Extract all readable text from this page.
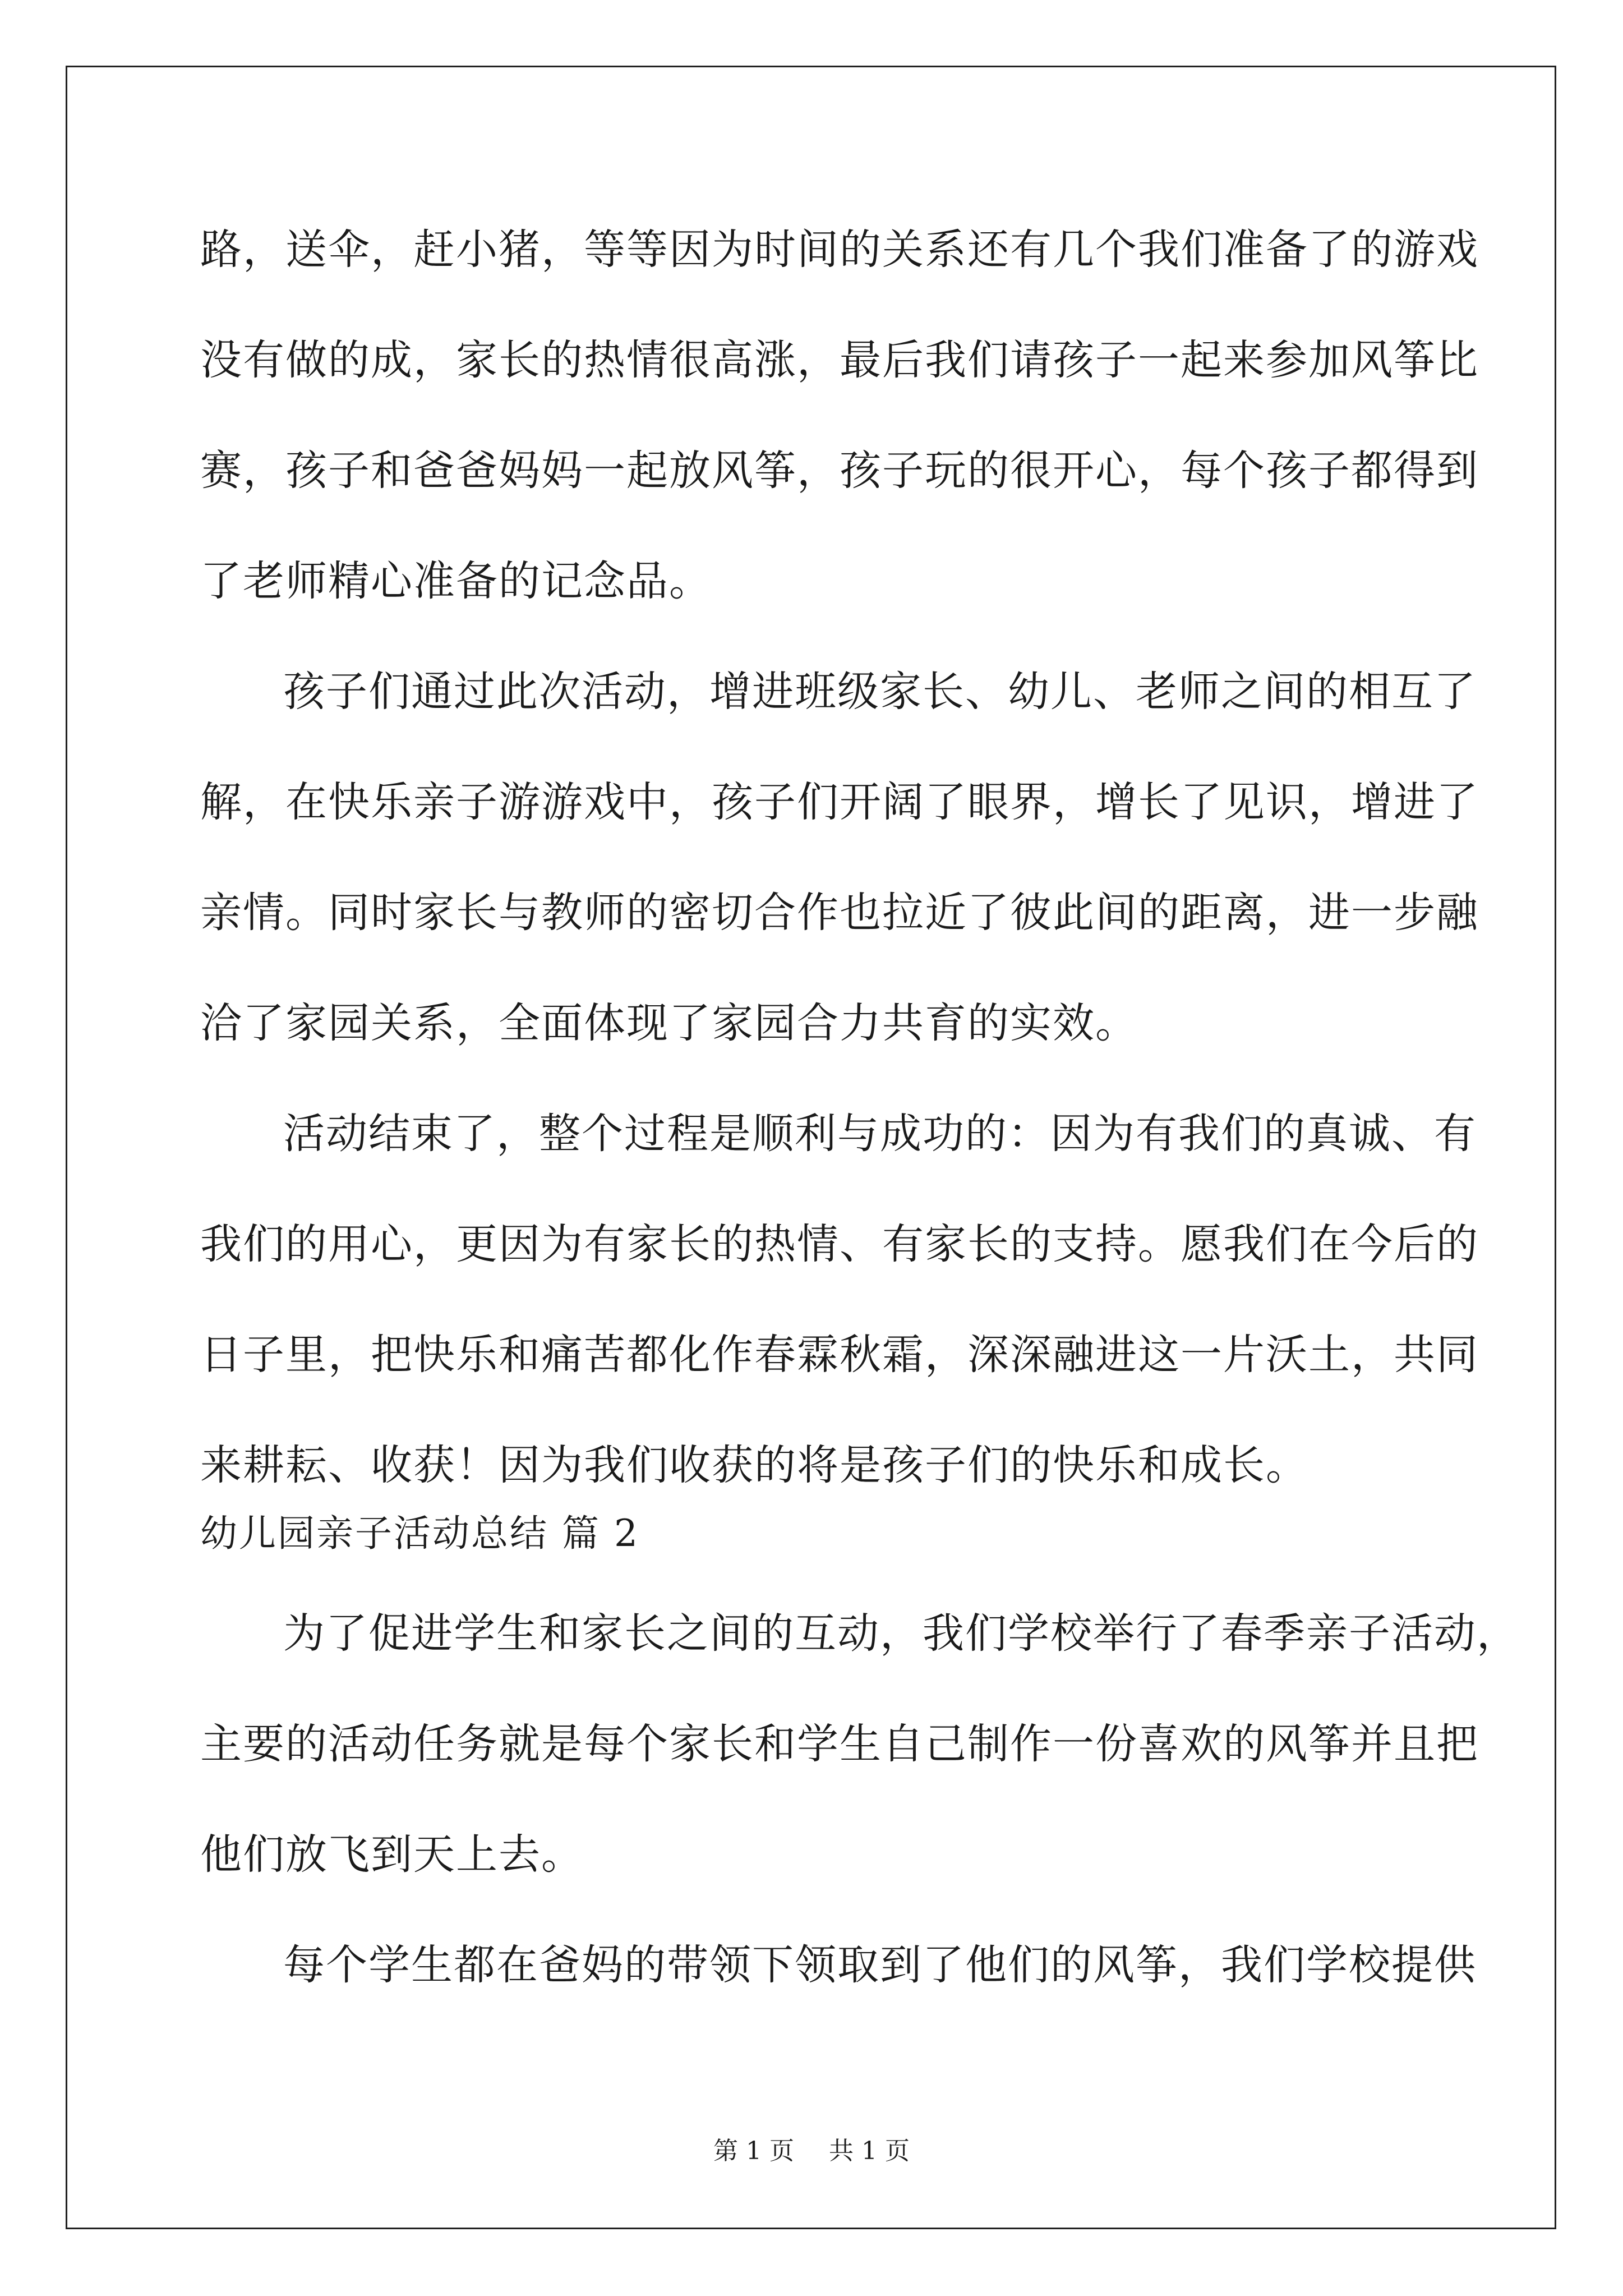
路，送伞，赶小猪，等等因为时间的关系还有几个我们准备了的游戏
没有做的成，家长的热情很高涨，最后我们请孩子一起来参加风筝比
赛，孩子和爸爸妈妈一起放风筝，孩子玩的很开心，每个孩子都得到
了老师精心准备的记念品。
孩子们通过此次活动，增进班级家长、幼儿、老师之间的相互了
解，在快乐亲子游游戏中，孩子们开阔了眼界，增长了见识，增进了
亲情。同时家长与教师的密切合作也拉近了彼此间的距离，进一步融
洽了家园关系，全面体现了家园合力共育的实效。
活动结束了，整个过程是顺利与成功的：因为有我们的真诚、有
我们的用心，更因为有家长的热情、有家长的支持。愿我们在今后的
日子里，把快乐和痛苦都化作春霖秋霜，深深融进这一片沃土，共同
来耕耘、收获！因为我们收获的将是孩子们的快乐和成长。
幼儿园亲子活动总结 篇 2
为了促进学生和家长之间的互动，我们学校举行了春季亲子活动，
主要的活动任务就是每个家长和学生自己制作一份喜欢的风筝并且把
他们放飞到天上去。
每个学生都在爸妈的带领下领取到了他们的风筝，我们学校提供
第 1 页 共 1 页
